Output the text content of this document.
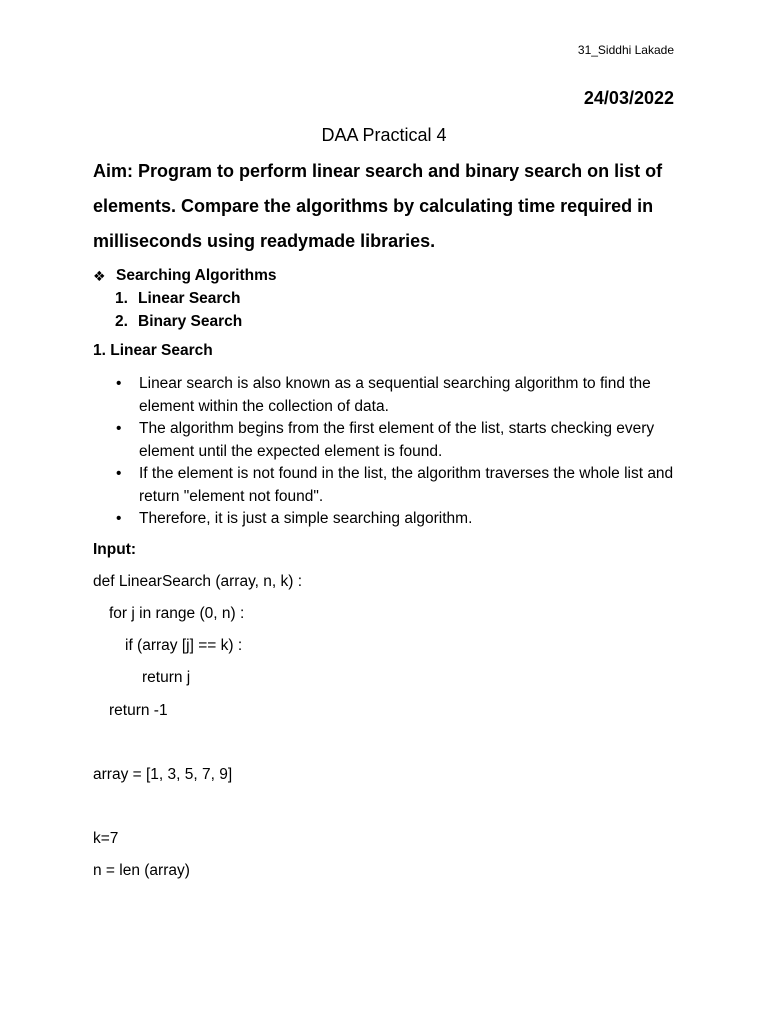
31_Siddhi Lakade
24/03/2022
DAA Practical 4
Aim: Program to perform linear search and binary search on list of elements. Compare the algorithms by calculating time required in milliseconds using readymade libraries.
❖ Searching Algorithms
1. Linear Search
2. Binary Search
1. Linear Search
• Linear search is also known as a sequential searching algorithm to find the element within the collection of data.
• The algorithm begins from the first element of the list, starts checking every element until the expected element is found.
• If the element is not found in the list, the algorithm traverses the whole list and return "element not found".
• Therefore, it is just a simple searching algorithm.
Input:
def LinearSearch (array, n, k) :
for j in range (0, n) :
if (array [j] == k) :
return j
return -1
array = [1, 3, 5, 7, 9]
k=7
n = len (array)
